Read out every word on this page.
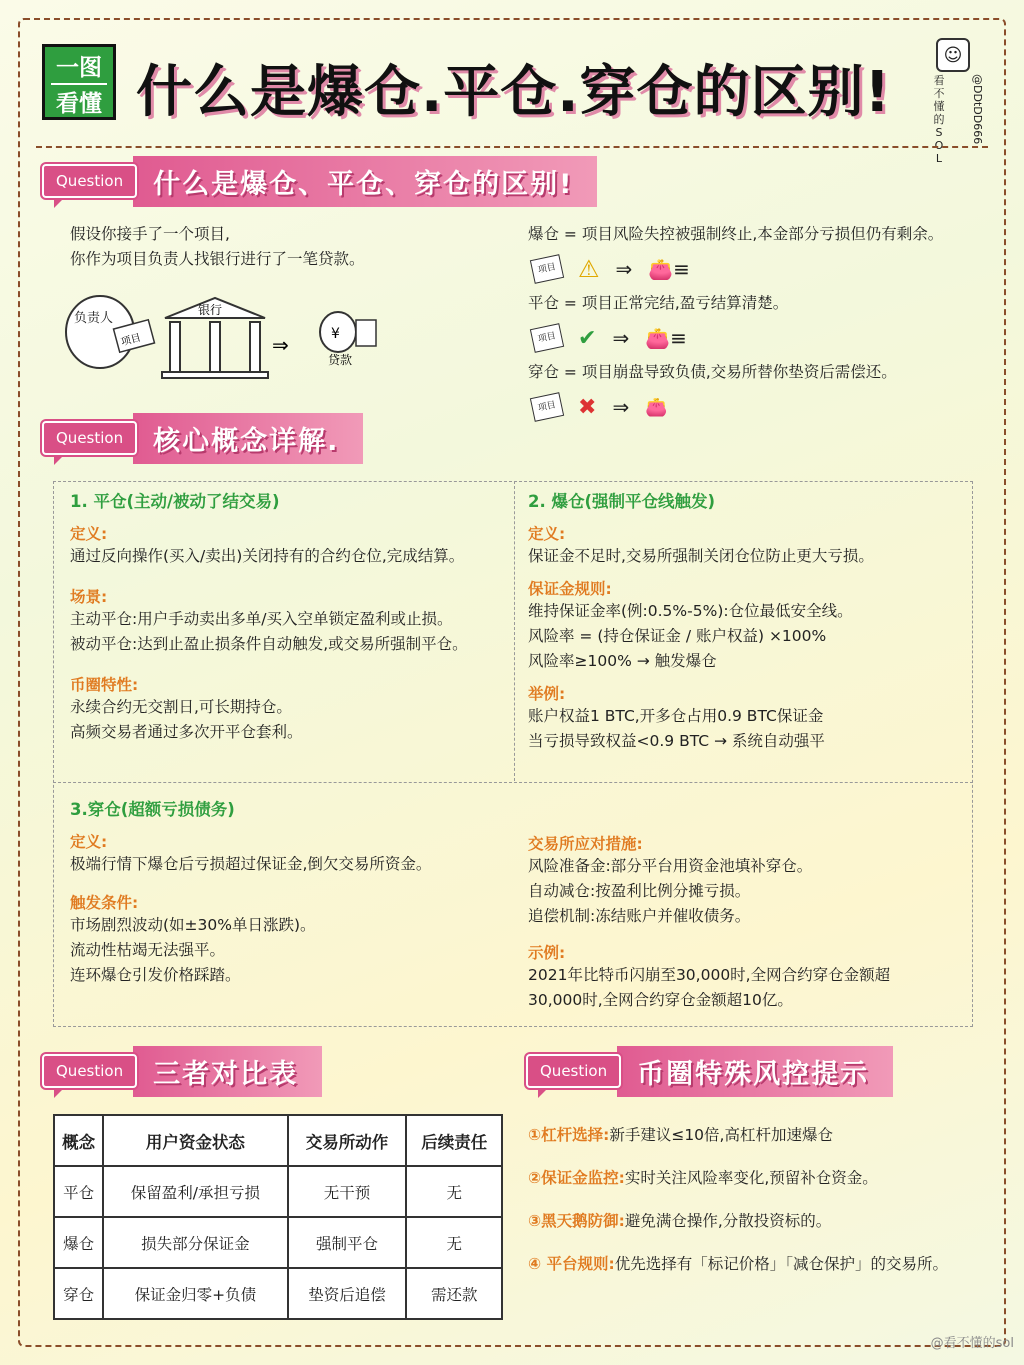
一图
看懂 什么是爆仓.平仓.穿仓的区别!
☺
看不懂的SOL
@DDtDD666
Question	什么是爆仓、平仓、穿仓的区别!
假设你接手了一个项目,
你作为项目负责人找银行进行了一笔贷款。
负责人
项目
银行
⇒	¥
贷款
爆仓 = 项目风险失控被强制终止,本金部分亏损但仍有剩余。
项目 ⚠ ⇒ 👛≡
平仓 = 项目正常完结,盈亏结算清楚。
项目 ✔ ⇒ 👛≡
穿仓 = 项目崩盘导致负债,交易所替你垫资后需偿还。
项目 ✖ ⇒ 👛
Question	核心概念详解.
1. 平仓(主动/被动了结交易)
定义:
通过反向操作(买入/卖出)关闭持有的合约仓位,完成结算。
场景:
主动平仓:用户手动卖出多单/买入空单锁定盈利或止损。
被动平仓:达到止盈止损条件自动触发,或交易所强制平仓。
币圈特性:
永续合约无交割日,可长期持仓。
高频交易者通过多次开平仓套利。
2. 爆仓(强制平仓线触发)
定义:
保证金不足时,交易所强制关闭仓位防止更大亏损。
保证金规则:
维持保证金率(例:0.5%-5%):仓位最低安全线。
风险率 = (持仓保证金 / 账户权益) ×100%
风险率≥100% → 触发爆仓
举例:
账户权益1 BTC,开多仓占用0.9 BTC保证金
当亏损导致权益<0.9 BTC → 系统自动强平
3.穿仓(超额亏损债务)
定义:
极端行情下爆仓后亏损超过保证金,倒欠交易所资金。
触发条件:
市场剧烈波动(如±30%单日涨跌)。
流动性枯竭无法强平。
连环爆仓引发价格踩踏。
交易所应对措施:
风险准备金:部分平台用资金池填补穿仓。
自动减仓:按盈利比例分摊亏损。
追偿机制:冻结账户并催收债务。
示例:
2021年比特币闪崩至30,000时,全网合约穿仓金额超
30,000时,全网合约穿仓金额超10亿。
Question	三者对比表
概念	用户资金状态	交易所动作	后续责任
平仓	保留盈利/承担亏损	无干预	无
爆仓	损失部分保证金	强制平仓	无
穿仓	保证金归零+负债	垫资后追偿	需还款
Question	币圈特殊风控提示
①杠杆选择:新手建议≤10倍,高杠杆加速爆仓
②保证金监控:实时关注风险率变化,预留补仓资金。
③黑天鹅防御:避免满仓操作,分散投资标的。
④ 平台规则:优先选择有「标记价格」「减仓保护」的交易所。
@看不懂的sol
